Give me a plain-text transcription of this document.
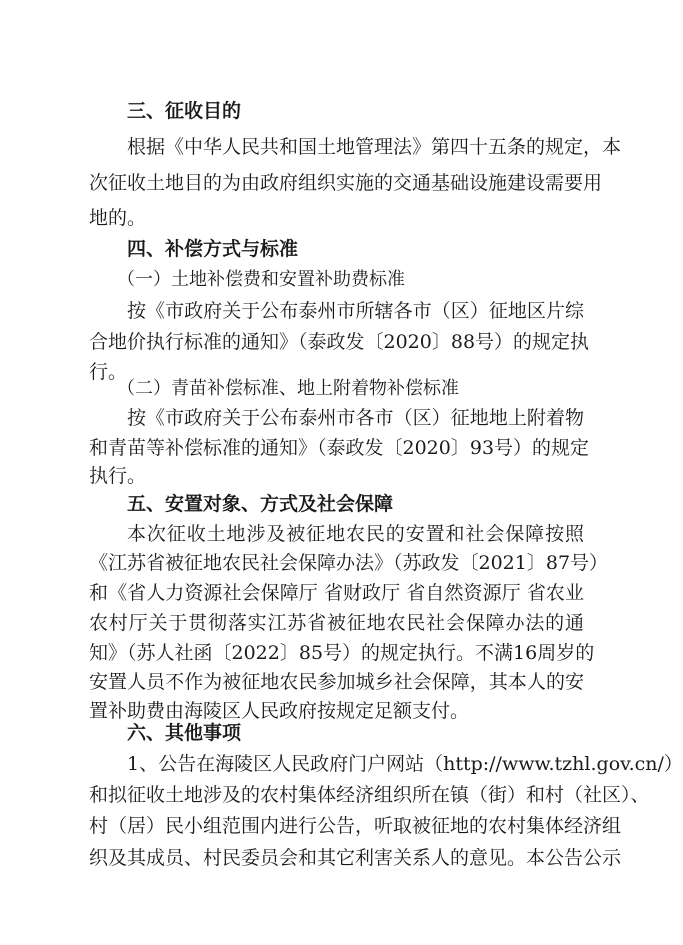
三、征收目的
根据《中华人民共和国土地管理法》第四十五条的规定，本
次征收土地目的为由政府组织实施的交通基础设施建设需要用
地的。
四、补偿方式与标准
（一）土地补偿费和安置补助费标准
按《市政府关于公布泰州市所辖各市（区）征地区片综
合地价执行标准的通知》（泰政发〔2020〕88号）的规定执
行。
（二）青苗补偿标准、地上附着物补偿标准
按《市政府关于公布泰州市各市（区）征地地上附着物
和青苗等补偿标准的通知》（泰政发〔2020〕93号）的规定
执行。
五、安置对象、方式及社会保障
本次征收土地涉及被征地农民的安置和社会保障按照
《江苏省被征地农民社会保障办法》（苏政发〔2021〕87号）
和《省人力资源社会保障厅 省财政厅 省自然资源厅 省农业
农村厅关于贯彻落实江苏省被征地农民社会保障办法的通
知》（苏人社函〔2022〕85号）的规定执行。不满16周岁的
安置人员不作为被征地农民参加城乡社会保障，其本人的安
置补助费由海陵区人民政府按规定足额支付。
六、其他事项
1、公告在海陵区人民政府门户网站（http://www.tzhl.gov.cn/）
和拟征收土地涉及的农村集体经济组织所在镇（街）和村（社区）、
村（居）民小组范围内进行公告，听取被征地的农村集体经济组
织及其成员、村民委员会和其它利害关系人的意见。本公告公示
